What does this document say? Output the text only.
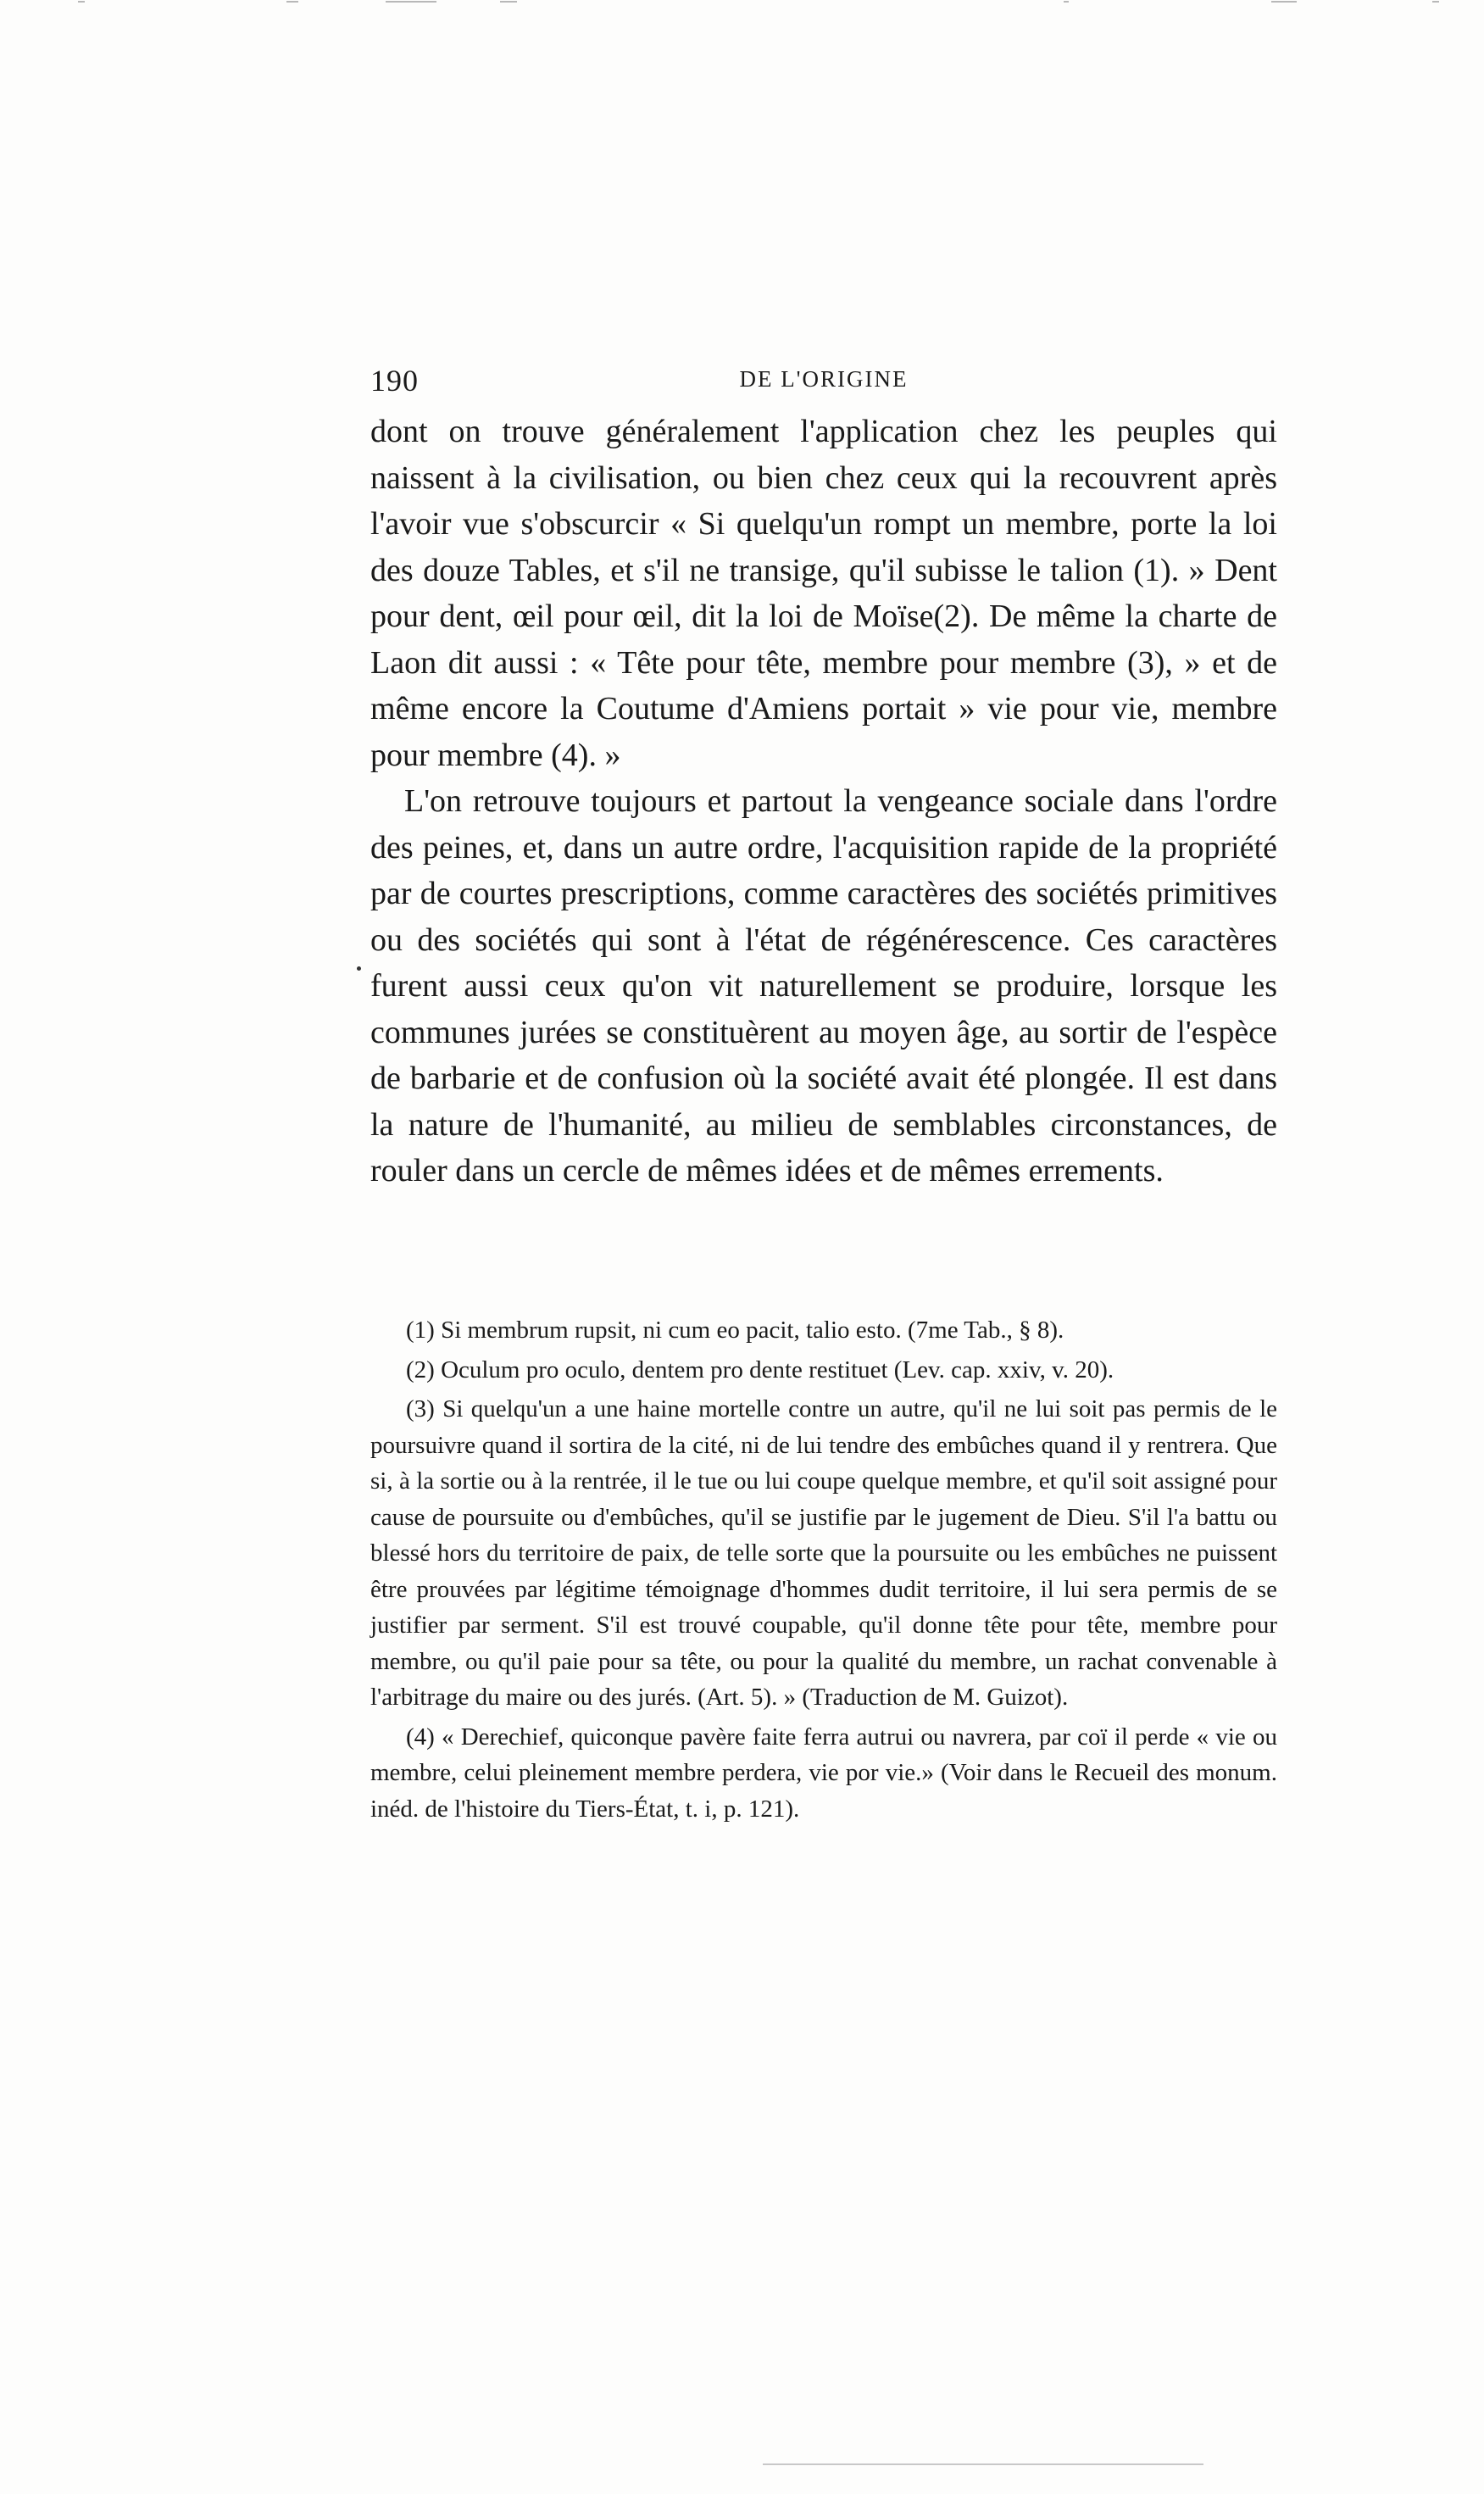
190	DE L'ORIGINE

dont on trouve généralement l'application chez les peuples qui naissent à la civilisation, ou bien chez ceux qui la recouvrent après l'avoir vue s'obscurcir « Si quelqu'un rompt un membre, porte la loi des douze Tables, et s'il ne transige, qu'il subisse le talion (1). » Dent pour dent, œil pour œil, dit la loi de Moïse(2). De même la charte de Laon dit aussi : « Tête pour tête, membre pour membre (3), » et de même encore la Coutume d'Amiens portait » vie pour vie, membre pour membre (4). »

L'on retrouve toujours et partout la vengeance sociale dans l'ordre des peines, et, dans un autre ordre, l'acquisition rapide de la propriété par de courtes prescriptions, comme caractères des sociétés primitives ou des sociétés qui sont à l'état de régénérescence. Ces caractères furent aussi ceux qu'on vit naturellement se produire, lorsque les communes jurées se constituèrent au moyen âge, au sortir de l'espèce de barbarie et de confusion où la société avait été plongée. Il est dans la nature de l'humanité, au milieu de semblables circonstances, de rouler dans un cercle de mêmes idées et de mêmes errements.

(1) Si membrum rupsit, ni cum eo pacit, talio esto. (7me Tab., § 8).

(2) Oculum pro oculo, dentem pro dente restituet (Lev. cap. xxiv, v. 20).

(3) Si quelqu'un a une haine mortelle contre un autre, qu'il ne lui soit pas permis de le poursuivre quand il sortira de la cité, ni de lui tendre des embûches quand il y rentrera. Que si, à la sortie ou à la rentrée, il le tue ou lui coupe quelque membre, et qu'il soit assigné pour cause de poursuite ou d'embûches, qu'il se justifie par le jugement de Dieu. S'il l'a battu ou blessé hors du territoire de paix, de telle sorte que la poursuite ou les embûches ne puissent être prouvées par légitime témoignage d'hommes dudit territoire, il lui sera permis de se justifier par serment. S'il est trouvé coupable, qu'il donne tête pour tête, membre pour membre, ou qu'il paie pour sa tête, ou pour la qualité du membre, un rachat convenable à l'arbitrage du maire ou des jurés. (Art. 5). » (Traduction de M. Guizot).

(4) « Derechief, quiconque pavère faite ferra autrui ou navrera, par coï il perde « vie ou membre, celui pleinement membre perdera, vie por vie.» (Voir dans le Recueil des monum. inéd. de l'histoire du Tiers-État, t. i, p. 121).
